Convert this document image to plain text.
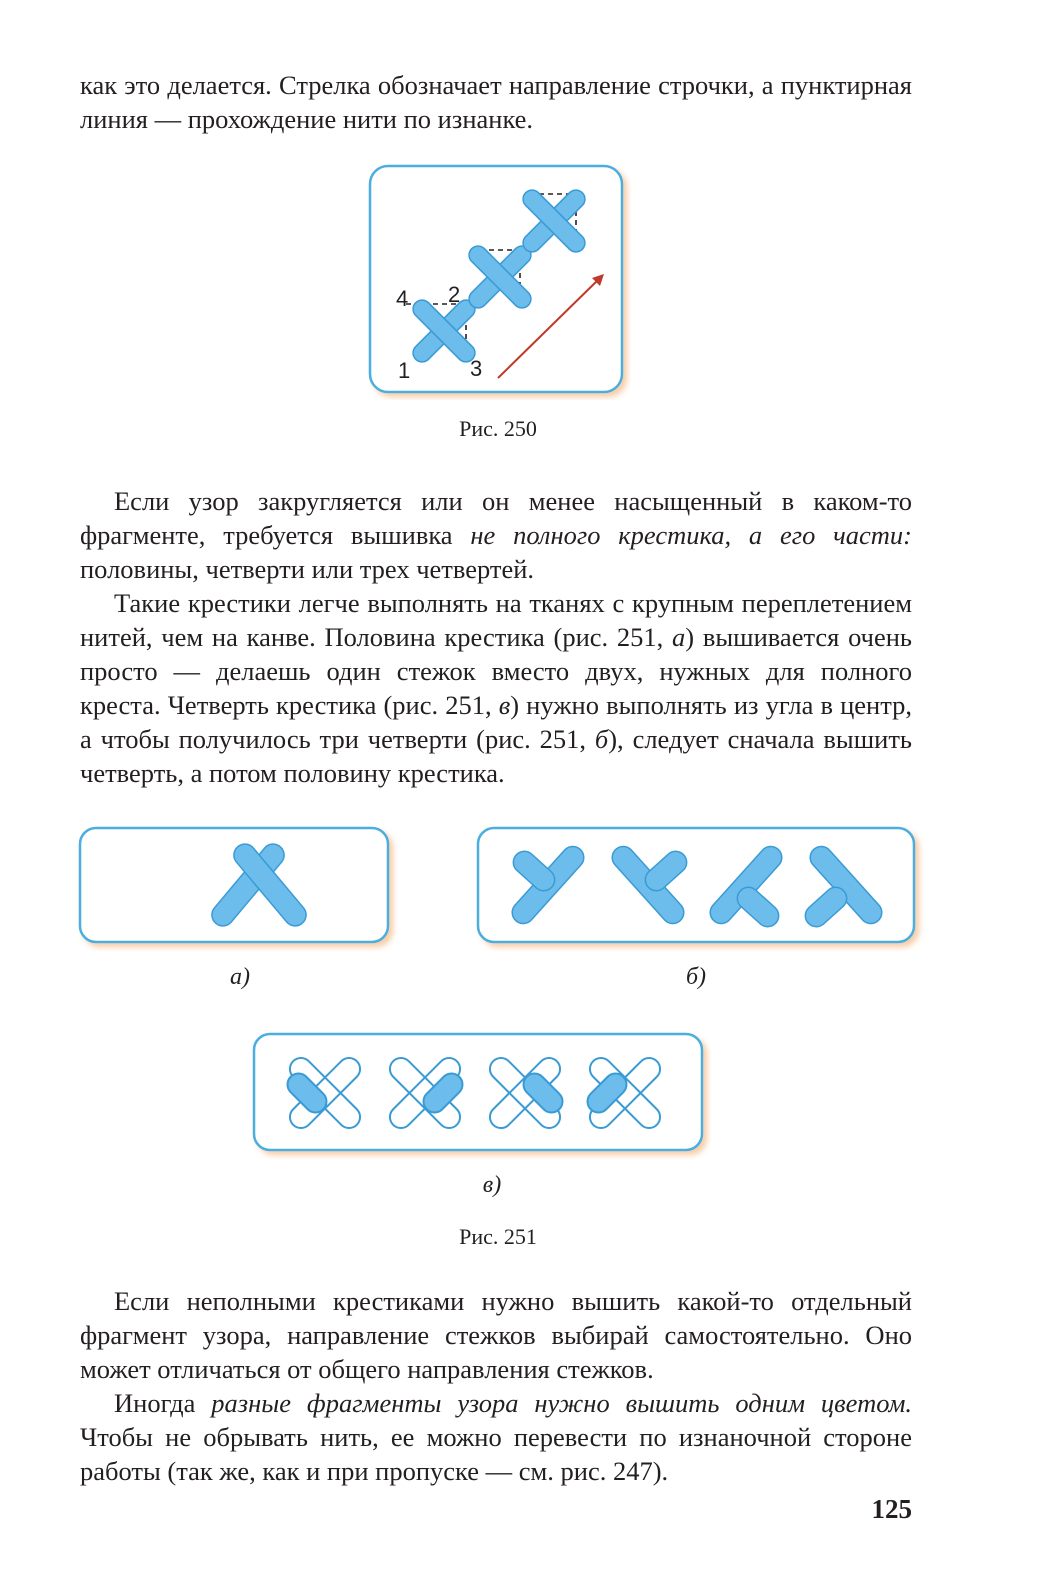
как это делается. Стрелка обозначает направление строчки, а пунктирная линия — прохождение нити по изнанке.

1
2
3
4
Рис. 250

Если узор закругляется или он менее насыщенный в каком-то фрагменте, требуется вышивка не полного крестика, а его части: половины, четверти или трех четвертей.

Такие крестики легче выполнять на тканях с крупным переплетением нитей, чем на канве. Половина крестика (рис. 251, а) вышивается очень просто — делаешь один стежок вместо двух, нужных для полного креста. Четверть крестика (рис. 251, в) нужно выполнять из угла в центр, а чтобы получилось три четверти (рис. 251, б), следует сначала вышить четверть, а потом половину крестика.

а)	б)
в)
Рис. 251

Если неполными крестиками нужно вышить какой-то отдельный фрагмент узора, направление стежков выбирай самостоятельно. Оно может отличаться от общего направления стежков.

Иногда разные фрагменты узора нужно вышить одним цветом. Чтобы не обрывать нить, ее можно перевести по изнаночной стороне работы (так же, как и при пропуске — см. рис. 247).

125
